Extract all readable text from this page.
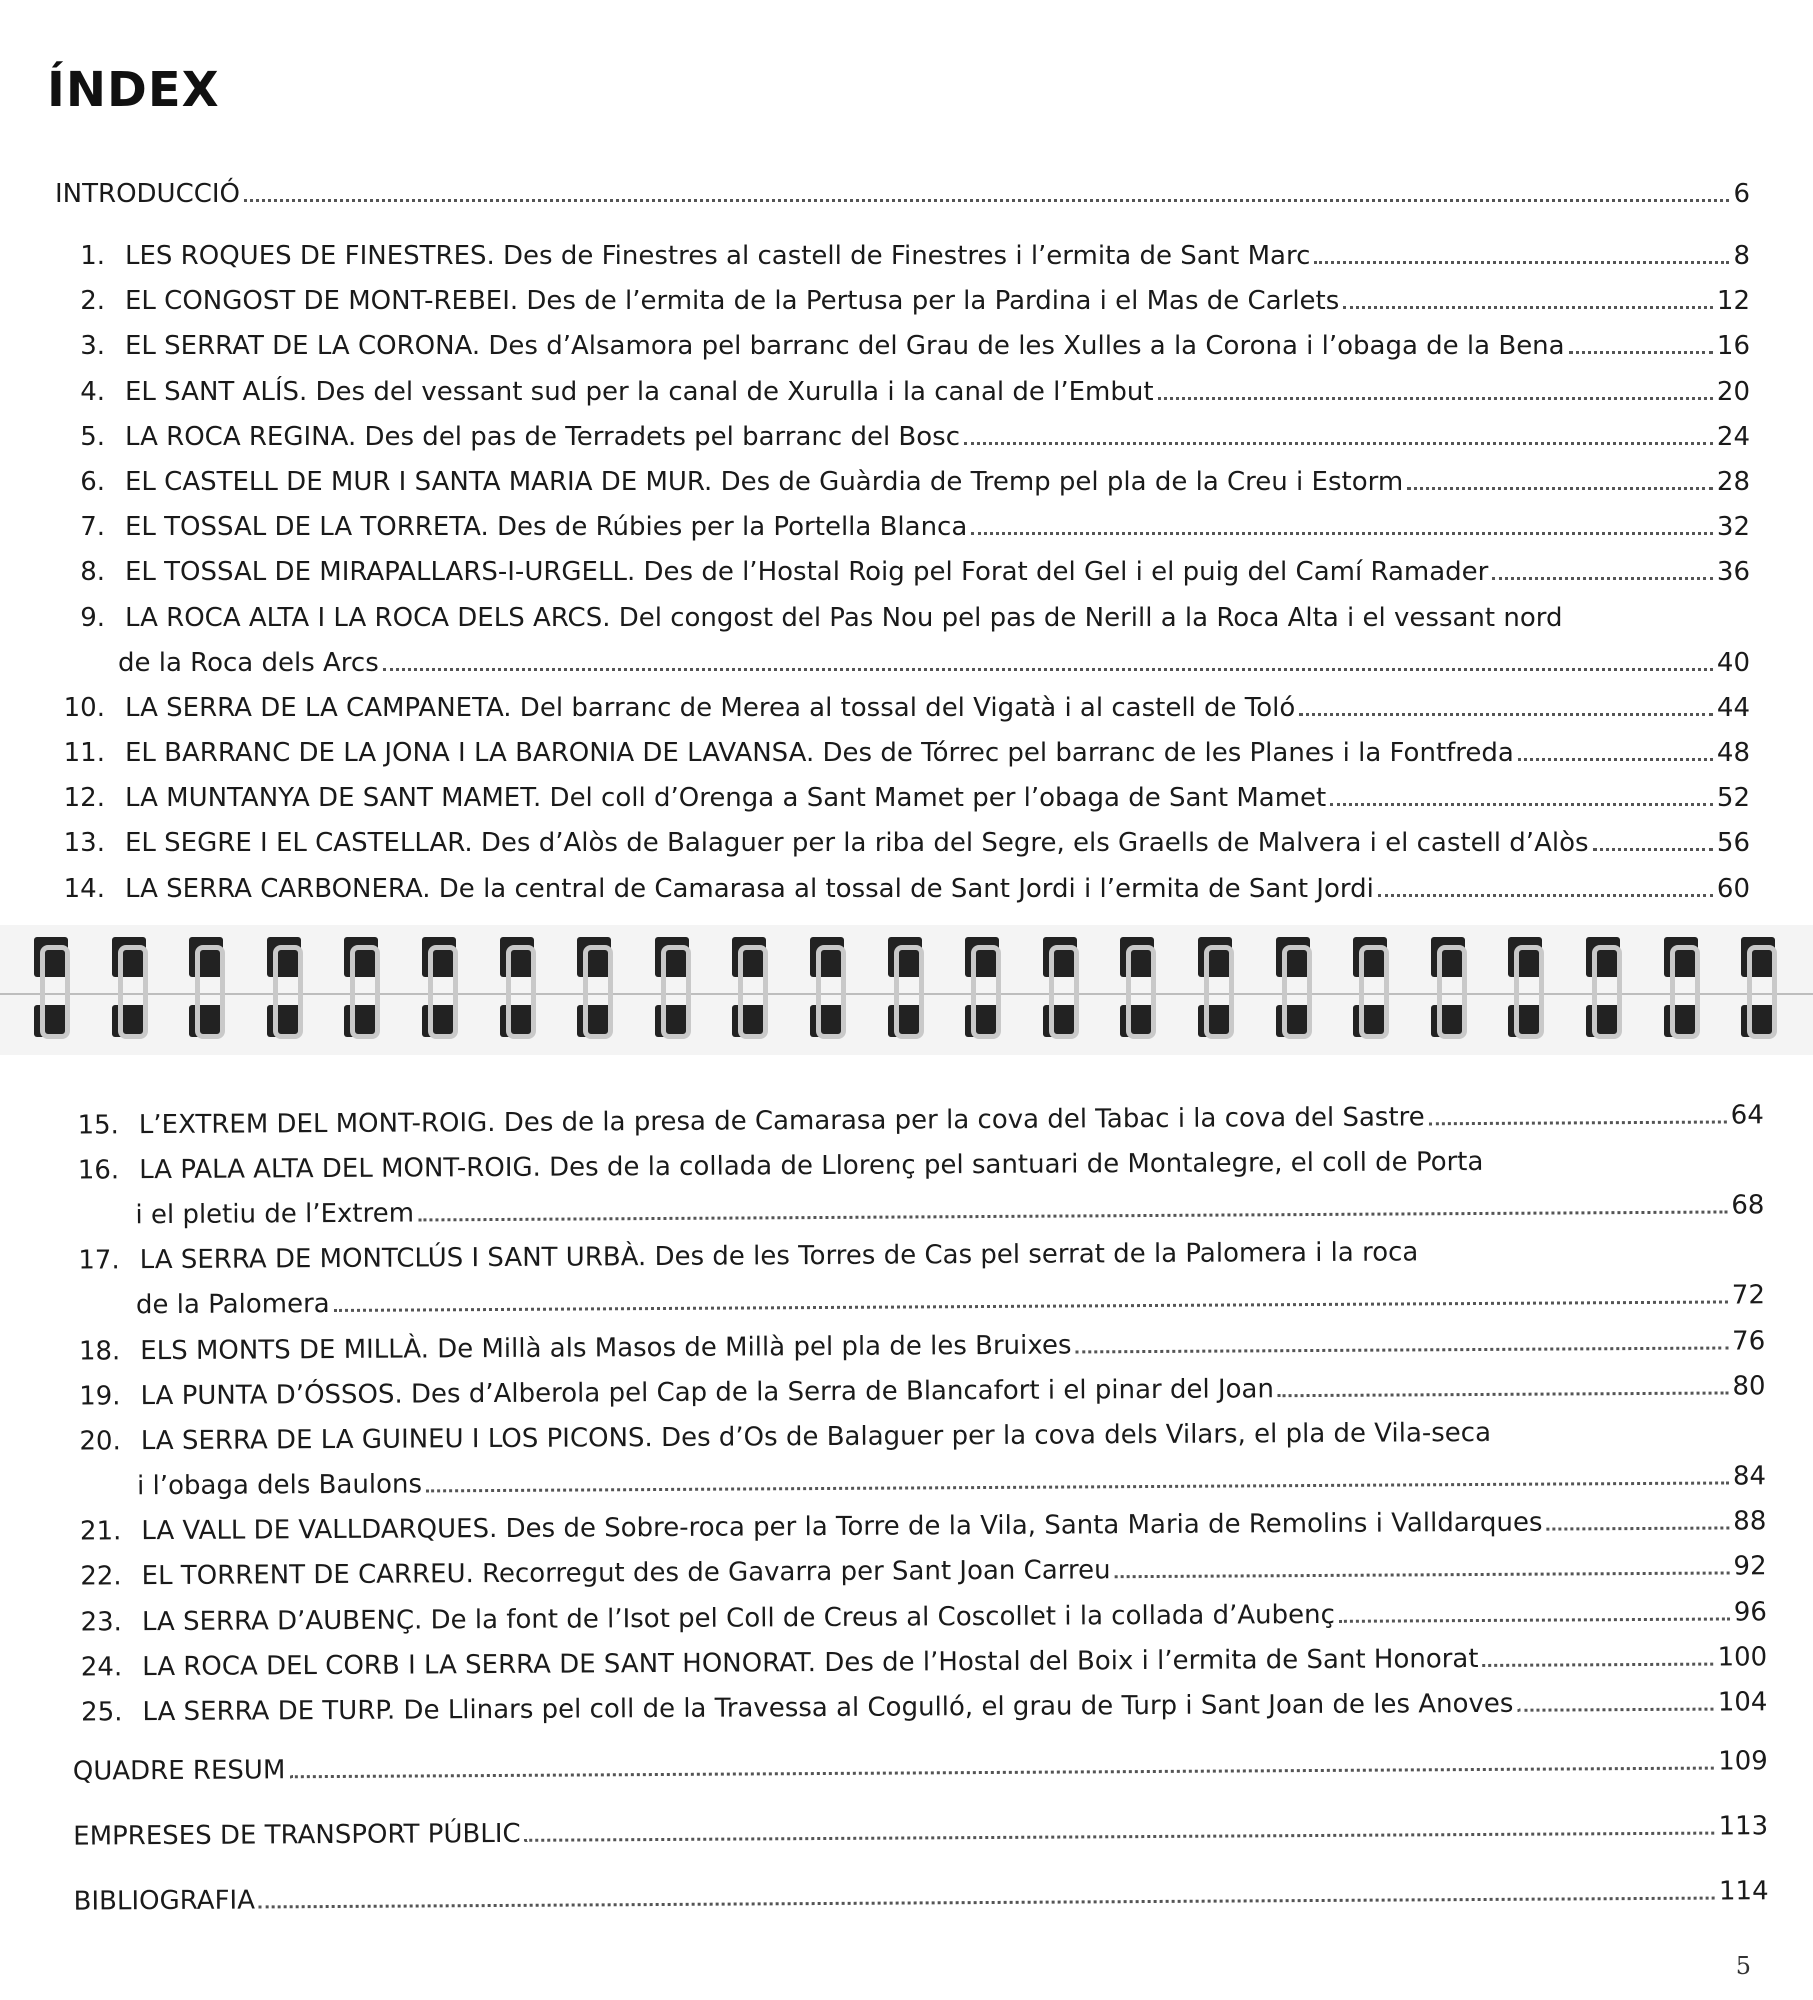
ÍNDEX
INTRODUCCIÓ	6
1. LES ROQUES DE FINESTRES. Des de Finestres al castell de Finestres i l’ermita de Sant Marc	8
2. EL CONGOST DE MONT-REBEI. Des de l’ermita de la Pertusa per la Pardina i el Mas de Carlets	12
3. EL SERRAT DE LA CORONA. Des d’Alsamora pel barranc del Grau de les Xulles a la Corona i l’obaga de la Bena	16
4. EL SANT ALÍS. Des del vessant sud per la canal de Xurulla i la canal de l’Embut	20
5. LA ROCA REGINA. Des del pas de Terradets pel barranc del Bosc	24
6. EL CASTELL DE MUR I SANTA MARIA DE MUR. Des de Guàrdia de Tremp pel pla de la Creu i Estorm	28
7. EL TOSSAL DE LA TORRETA. Des de Rúbies per la Portella Blanca	32
8. EL TOSSAL DE MIRAPALLARS-I-URGELL. Des de l’Hostal Roig pel Forat del Gel i el puig del Camí Ramader	36
9. LA ROCA ALTA I LA ROCA DELS ARCS. Del congost del Pas Nou pel pas de Nerill a la Roca Alta i el vessant nord
de la Roca dels Arcs	40
10. LA SERRA DE LA CAMPANETA. Del barranc de Merea al tossal del Vigatà i al castell de Toló	44
11. EL BARRANC DE LA JONA I LA BARONIA DE LAVANSA. Des de Tórrec pel barranc de les Planes i la Fontfreda	48
12. LA MUNTANYA DE SANT MAMET. Del coll d’Orenga a Sant Mamet per l’obaga de Sant Mamet	52
13. EL SEGRE I EL CASTELLAR. Des d’Alòs de Balaguer per la riba del Segre, els Graells de Malvera i el castell d’Alòs	56
14. LA SERRA CARBONERA. De la central de Camarasa al tossal de Sant Jordi i l’ermita de Sant Jordi	60
15. L’EXTREM DEL MONT-ROIG. Des de la presa de Camarasa per la cova del Tabac i la cova del Sastre	64
16. LA PALA ALTA DEL MONT-ROIG. Des de la collada de Llorenç pel santuari de Montalegre, el coll de Porta
i el pletiu de l’Extrem	68
17. LA SERRA DE MONTCLÚS I SANT URBÀ. Des de les Torres de Cas pel serrat de la Palomera i la roca
de la Palomera	72
18. ELS MONTS DE MILLÀ. De Millà als Masos de Millà pel pla de les Bruixes	76
19. LA PUNTA D’ÓSSOS. Des d’Alberola pel Cap de la Serra de Blancafort i el pinar del Joan	80
20. LA SERRA DE LA GUINEU I LOS PICONS. Des d’Os de Balaguer per la cova dels Vilars, el pla de Vila-seca
i l’obaga dels Baulons	84
21. LA VALL DE VALLDARQUES. Des de Sobre-roca per la Torre de la Vila, Santa Maria de Remolins i Valldarques	88
22. EL TORRENT DE CARREU. Recorregut des de Gavarra per Sant Joan Carreu	92
23. LA SERRA D’AUBENÇ. De la font de l’Isot pel Coll de Creus al Coscollet i la collada d’Aubenç	96
24. LA ROCA DEL CORB I LA SERRA DE SANT HONORAT. Des de l’Hostal del Boix i l’ermita de Sant Honorat	100
25. LA SERRA DE TURP. De Llinars pel coll de la Travessa al Cogulló, el grau de Turp i Sant Joan de les Anoves	104
QUADRE RESUM	109
EMPRESES DE TRANSPORT PÚBLIC	113
BIBLIOGRAFIA	114
5
